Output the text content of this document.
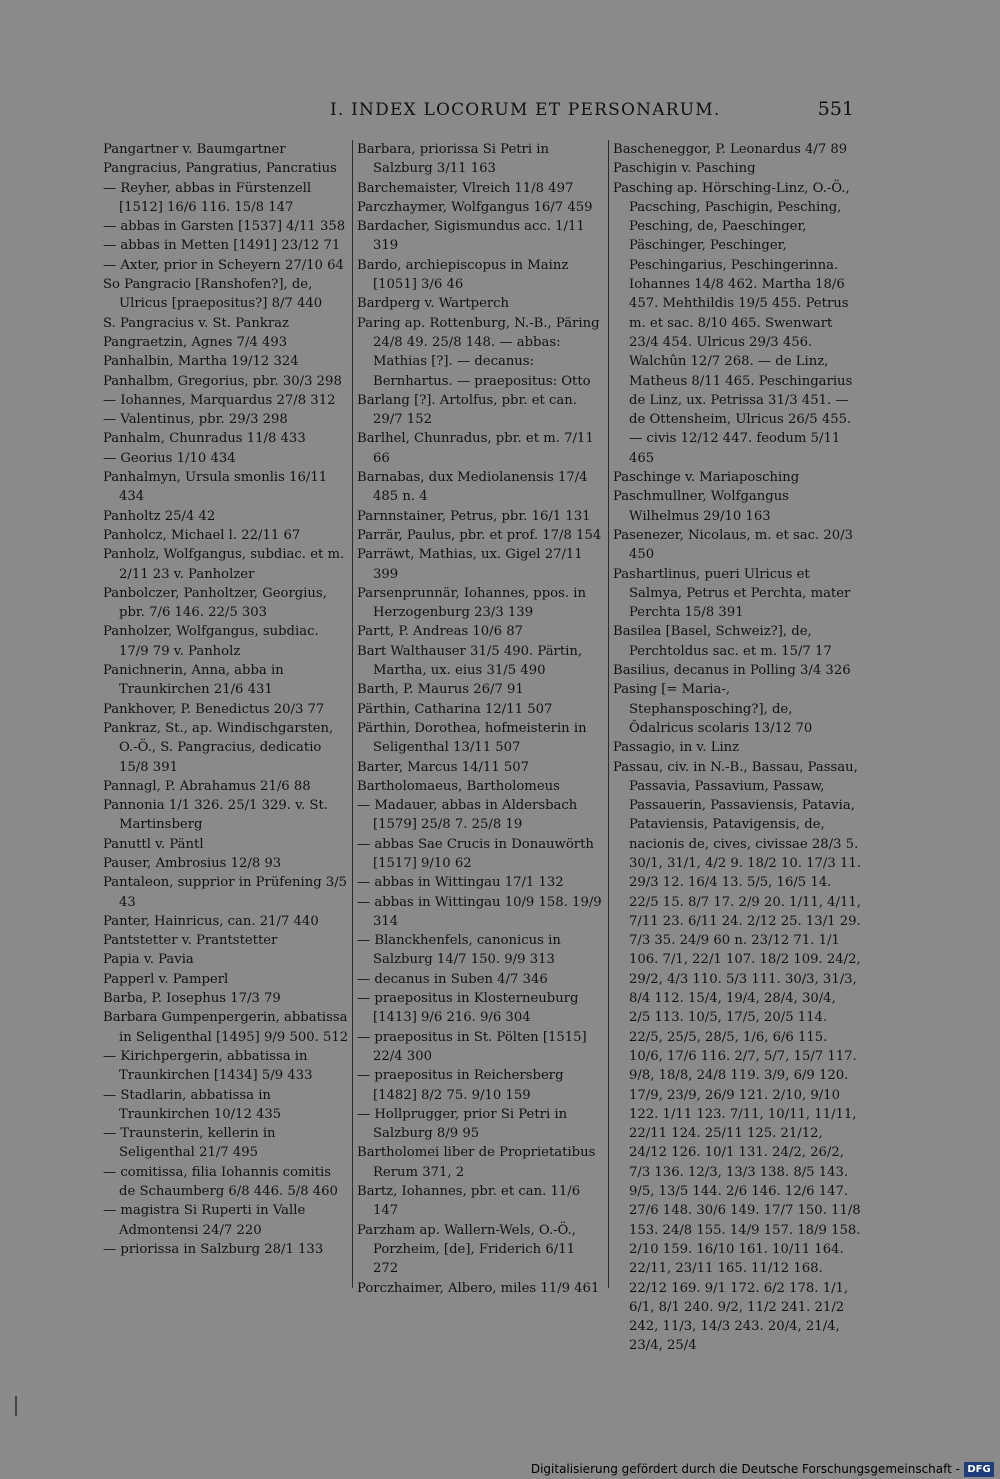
I. INDEX LOCORUM ET PERSONARUM.	551
Pangartner v. Baumgartner
Pangracius, Pangratius, Pancratius
— Reyher, abbas in Fürstenzell [1512] 16/6 116. 15/8 147
— abbas in Garsten [1537] 4/11 358
— abbas in Metten [1491] 23/12 71
— Axter, prior in Scheyern 27/10 64
So Pangracio [Ranshofen?], de, Ulricus [praepositus?] 8/7 440
S. Pangracius v. St. Pankraz
Pangraetzin, Agnes 7/4 493
Panhalbin, Martha 19/12 324
Panhalbm, Gregorius, pbr. 30/3 298
— Iohannes, Marquardus 27/8 312
— Valentinus, pbr. 29/3 298
Panhalm, Chunradus 11/8 433
— Georius 1/10 434
Panhalmyn, Ursula smonlis 16/11 434
Panholtz 25/4 42
Panholcz, Michael l. 22/11 67
Panholz, Wolfgangus, subdiac. et m. 2/11 23 v. Panholzer
Panbolczer, Panholtzer, Georgius, pbr. 7/6 146. 22/5 303
Panholzer, Wolfgangus, subdiac. 17/9 79 v. Panholz
Panichnerin, Anna, abba in Traunkirchen 21/6 431
Pankhover, P. Benedictus 20/3 77
Pankraz, St., ap. Windischgarsten, O.-Ö., S. Pangracius, dedicatio 15/8 391
Pannagl, P. Abrahamus 21/6 88
Pannonia 1/1 326. 25/1 329. v. St. Martinsberg
Panuttl v. Päntl
Pauser, Ambrosius 12/8 93
Pantaleon, supprior in Prüfening 3/5 43
Panter, Hainricus, can. 21/7 440
Pantstetter v. Prantstetter
Papia v. Pavia
Papperl v. Pamperl
Barba, P. Iosephus 17/3 79
Barbara Gumpenpergerin, abbatissa in Seligenthal [1495] 9/9 500. 512
— Kirichpergerin, abbatissa in Traunkirchen [1434] 5/9 433
— Stadlarin, abbatissa in Traunkirchen 10/12 435
— Traunsterin, kellerin in Seligenthal 21/7 495
— comitissa, filia Iohannis comitis de Schaumberg 6/8 446. 5/8 460
— magistra Si Ruperti in Valle Admontensi 24/7 220
— priorissa in Salzburg 28/1 133
Barbara, priorissa Si Petri in Salzburg 3/11 163
Barchemaister, Vlreich 11/8 497
Parczhaymer, Wolfgangus 16/7 459
Bardacher, Sigismundus acc. 1/11 319
Bardo, archiepiscopus in Mainz [1051] 3/6 46
Bardperg v. Wartperch
Paring ap. Rottenburg, N.-B., Päring 24/8 49. 25/8 148. — abbas: Mathias [?]. — decanus: Bernhartus. — praepositus: Otto
Barlang [?]. Artolfus, pbr. et can. 29/7 152
Barlhel, Chunradus, pbr. et m. 7/11 66
Barnabas, dux Mediolanensis 17/4 485 n. 4
Parnnstainer, Petrus, pbr. 16/1 131
Parrär, Paulus, pbr. et prof. 17/8 154
Parräwt, Mathias, ux. Gigel 27/11 399
Parsenprunnär, Iohannes, ppos. in Herzogenburg 23/3 139
Partt, P. Andreas 10/6 87
Bart Walthauser 31/5 490. Pärtin, Martha, ux. eius 31/5 490
Barth, P. Maurus 26/7 91
Pärthin, Catharina 12/11 507
Pärthin, Dorothea, hofmeisterin in Seligenthal 13/11 507
Barter, Marcus 14/11 507
Bartholomaeus, Bartholomeus
— Madauer, abbas in Aldersbach [1579] 25/8 7. 25/8 19
— abbas Sae Crucis in Donauwörth [1517] 9/10 62
— abbas in Wittingau 17/1 132
— abbas in Wittingau 10/9 158. 19/9 314
— Blanckhenfels, canonicus in Salzburg 14/7 150. 9/9 313
— decanus in Suben 4/7 346
— praepositus in Klosterneuburg [1413] 9/6 216. 9/6 304
— praepositus in St. Pölten [1515] 22/4 300
— praepositus in Reichersberg [1482] 8/2 75. 9/10 159
— Hollprugger, prior Si Petri in Salzburg 8/9 95
Bartholomei liber de Proprietatibus Rerum 371, 2
Bartz, Iohannes, pbr. et can. 11/6 147
Parzham ap. Wallern-Wels, O.-Ö., Porzheim, [de], Friderich 6/11 272
Porczhaimer, Albero, miles 11/9 461
Bascheneggor, P. Leonardus 4/7 89
Paschigin v. Pasching
Pasching ap. Hörsching-Linz, O.-Ö., Pacsching, Paschigin, Pesching, Pesching, de, Paeschinger, Päschinger, Peschinger, Peschingarius, Peschingerinna. Iohannes 14/8 462. Martha 18/6 457. Mehthildis 19/5 455. Petrus m. et sac. 8/10 465. Swenwart 23/4 454. Ulricus 29/3 456. Walchûn 12/7 268. — de Linz, Matheus 8/11 465. Peschingarius de Linz, ux. Petrissa 31/3 451. — de Ottensheim, Ulricus 26/5 455. — civis 12/12 447. feodum 5/11 465
Paschinge v. Mariaposching
Paschmullner, Wolfgangus Wilhelmus 29/10 163
Pasenezer, Nicolaus, m. et sac. 20/3 450
Pashartlinus, pueri Ulricus et Salmya, Petrus et Perchta, mater Perchta 15/8 391
Basilea [Basel, Schweiz?], de, Perchtoldus sac. et m. 15/7 17
Basilius, decanus in Polling 3/4 326
Pasing [= Maria-, Stephansposching?], de, Ôdalricus scolaris 13/12 70
Passagio, in v. Linz
Passau, civ. in N.-B., Bassau, Passau, Passavia, Passavium, Passaw, Passauerin, Passaviensis, Patavia, Pataviensis, Patavigensis, de, nacionis de, cives, civissae 28/3 5. 30/1, 31/1, 4/2 9. 18/2 10. 17/3 11. 29/3 12. 16/4 13. 5/5, 16/5 14. 22/5 15. 8/7 17. 2/9 20. 1/11, 4/11, 7/11 23. 6/11 24. 2/12 25. 13/1 29. 7/3 35. 24/9 60 n. 23/12 71. 1/1 106. 7/1, 22/1 107. 18/2 109. 24/2, 29/2, 4/3 110. 5/3 111. 30/3, 31/3, 8/4 112. 15/4, 19/4, 28/4, 30/4, 2/5 113. 10/5, 17/5, 20/5 114. 22/5, 25/5, 28/5, 1/6, 6/6 115. 10/6, 17/6 116. 2/7, 5/7, 15/7 117. 9/8, 18/8, 24/8 119. 3/9, 6/9 120. 17/9, 23/9, 26/9 121. 2/10, 9/10 122. 1/11 123. 7/11, 10/11, 11/11, 22/11 124. 25/11 125. 21/12, 24/12 126. 10/1 131. 24/2, 26/2, 7/3 136. 12/3, 13/3 138. 8/5 143. 9/5, 13/5 144. 2/6 146. 12/6 147. 27/6 148. 30/6 149. 17/7 150. 11/8 153. 24/8 155. 14/9 157. 18/9 158. 2/10 159. 16/10 161. 10/11 164. 22/11, 23/11 165. 11/12 168. 22/12 169. 9/1 172. 6/2 178. 1/1, 6/1, 8/1 240. 9/2, 11/2 241. 21/2 242, 11/3, 14/3 243. 20/4, 21/4, 23/4, 25/4
Digitalisierung gefördert durch die Deutsche Forschungsgemeinschaft - DFG
